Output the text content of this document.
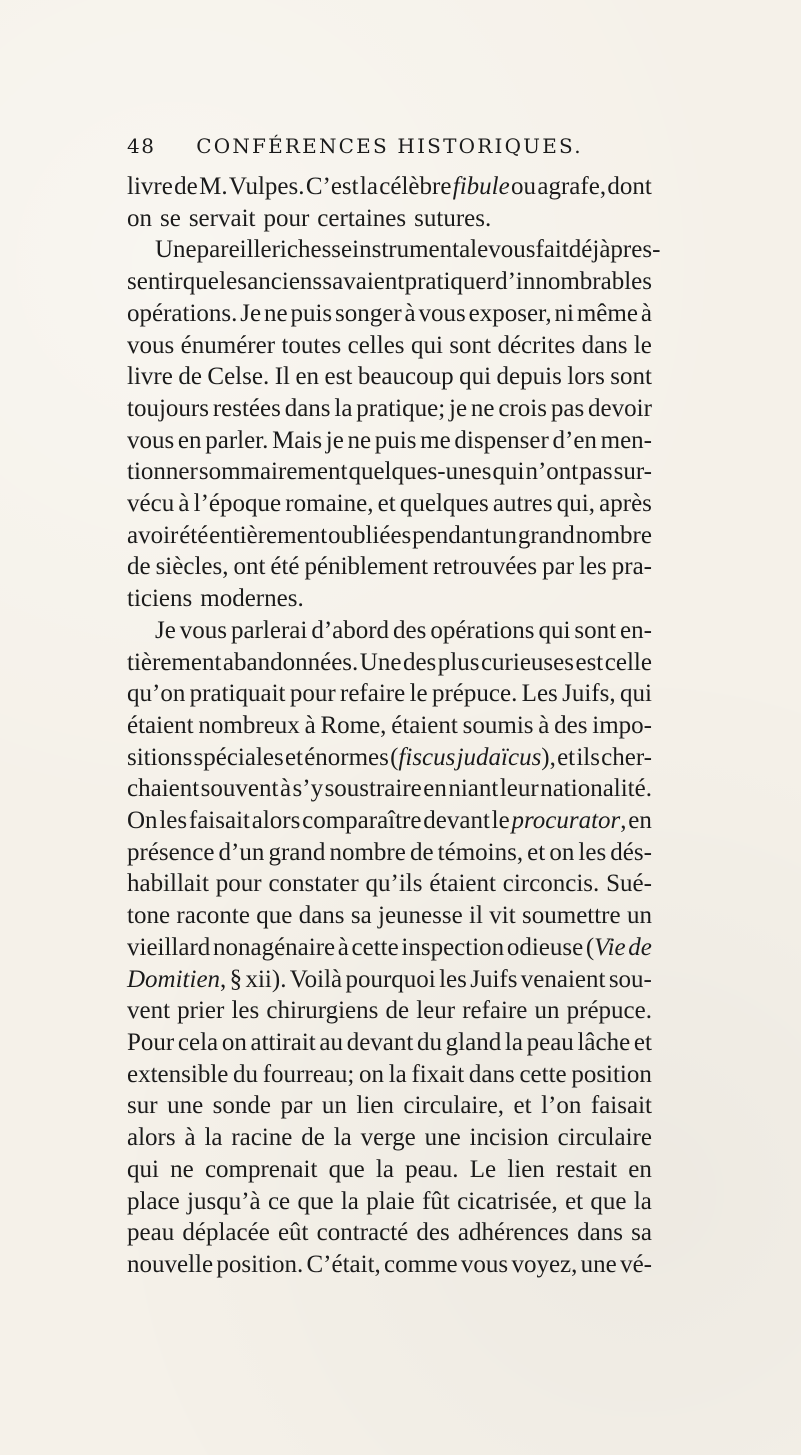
48	CONFÉRENCES HISTORIQUES.
livre de M. Vulpes. C’est la célèbre fibule ou agrafe, dont
on se servait pour certaines sutures.
Une pareille richesse instrumentale vous fait déjà pres-
sentir que les anciens savaient pratiquer d’innombrables
opérations. Je ne puis songer à vous exposer, ni même à
vous énumérer toutes celles qui sont décrites dans le
livre de Celse. Il en est beaucoup qui depuis lors sont
toujours restées dans la pratique; je ne crois pas devoir
vous en parler. Mais je ne puis me dispenser d’en men-
tionner sommairement quelques-unes qui n’ont pas sur-
vécu à l’époque romaine, et quelques autres qui, après
avoir été entièrement oubliées pendant un grand nombre
de siècles, ont été péniblement retrouvées par les pra-
ticiens modernes.
Je vous parlerai d’abord des opérations qui sont en-
tièrement abandonnées. Une des plus curieuses est celle
qu’on pratiquait pour refaire le prépuce. Les Juifs, qui
étaient nombreux à Rome, étaient soumis à des impo-
sitions spéciales et énormes (fiscus judaïcus), et ils cher-
chaient souvent à s’y soustraire en niant leur nationalité.
On les faisait alors comparaître devant le procurator, en
présence d’un grand nombre de témoins, et on les dés-
habillait pour constater qu’ils étaient circoncis. Sué-
tone raconte que dans sa jeunesse il vit soumettre un
vieillard nonagénaire à cette inspection odieuse (Vie de
Domitien, § xii). Voilà pourquoi les Juifs venaient sou-
vent prier les chirurgiens de leur refaire un prépuce.
Pour cela on attirait au devant du gland la peau lâche et
extensible du fourreau; on la fixait dans cette position
sur une sonde par un lien circulaire, et l’on faisait
alors à la racine de la verge une incision circulaire
qui ne comprenait que la peau. Le lien restait en
place jusqu’à ce que la plaie fût cicatrisée, et que la
peau déplacée eût contracté des adhérences dans sa
nouvelle position. C’était, comme vous voyez, une vé-
